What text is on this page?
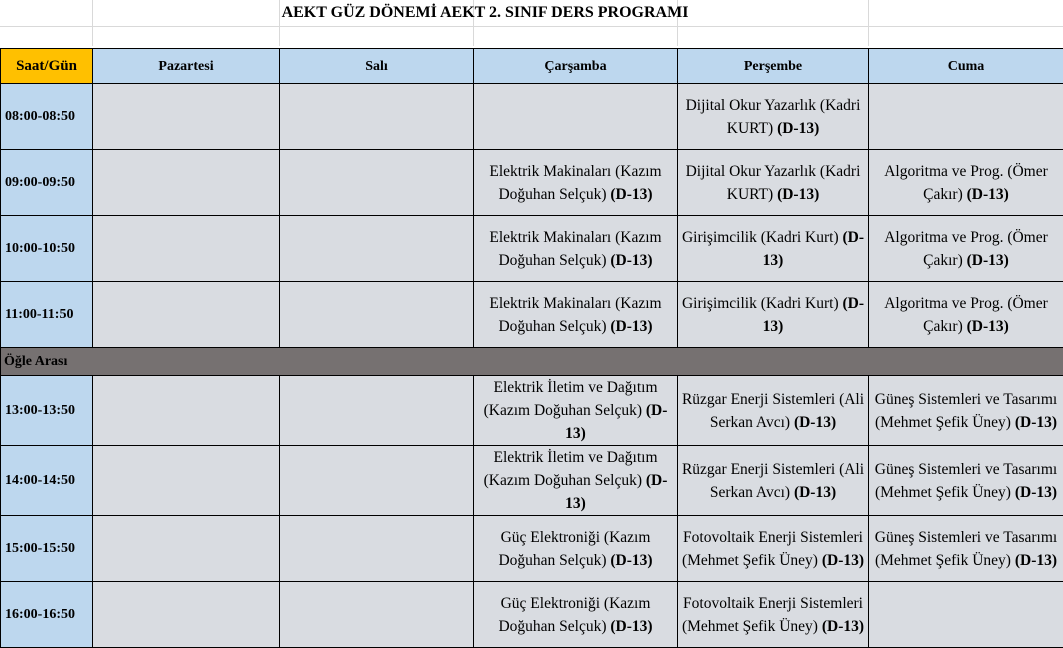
AEKT GÜZ DÖNEMİ AEKT 2. SINIF DERS PROGRAMI
Saat/Gün	Pazartesi	Salı	Çarşamba	Perşembe	Cuma
08:00-08:50				Dijital Okur Yazarlık (Kadri KURT) (D-13)	
09:00-09:50			Elektrik Makinaları (Kazım Doğuhan Selçuk) (D-13)	Dijital Okur Yazarlık (Kadri KURT) (D-13)	Algoritma ve Prog. (Ömer Çakır) (D-13)
10:00-10:50			Elektrik Makinaları (Kazım Doğuhan Selçuk) (D-13)	Girişimcilik (Kadri Kurt) (D-13)	Algoritma ve Prog. (Ömer Çakır) (D-13)
11:00-11:50			Elektrik Makinaları (Kazım Doğuhan Selçuk) (D-13)	Girişimcilik (Kadri Kurt) (D-13)	Algoritma ve Prog. (Ömer Çakır) (D-13)
Öğle Arası					
13:00-13:50			Elektrik İletim ve Dağıtım (Kazım Doğuhan Selçuk) (D-13)	Rüzgar Enerji Sistemleri (Ali Serkan Avcı) (D-13)	Güneş Sistemleri ve Tasarımı (Mehmet Şefik Üney) (D-13)
14:00-14:50			Elektrik İletim ve Dağıtım (Kazım Doğuhan Selçuk) (D-13)	Rüzgar Enerji Sistemleri (Ali Serkan Avcı) (D-13)	Güneş Sistemleri ve Tasarımı (Mehmet Şefik Üney) (D-13)
15:00-15:50			Güç Elektroniği (Kazım Doğuhan Selçuk) (D-13)	Fotovoltaik Enerji Sistemleri (Mehmet Şefik Üney) (D-13)	Güneş Sistemleri ve Tasarımı (Mehmet Şefik Üney) (D-13)
16:00-16:50			Güç Elektroniği (Kazım Doğuhan Selçuk) (D-13)	Fotovoltaik Enerji Sistemleri (Mehmet Şefik Üney) (D-13)	
